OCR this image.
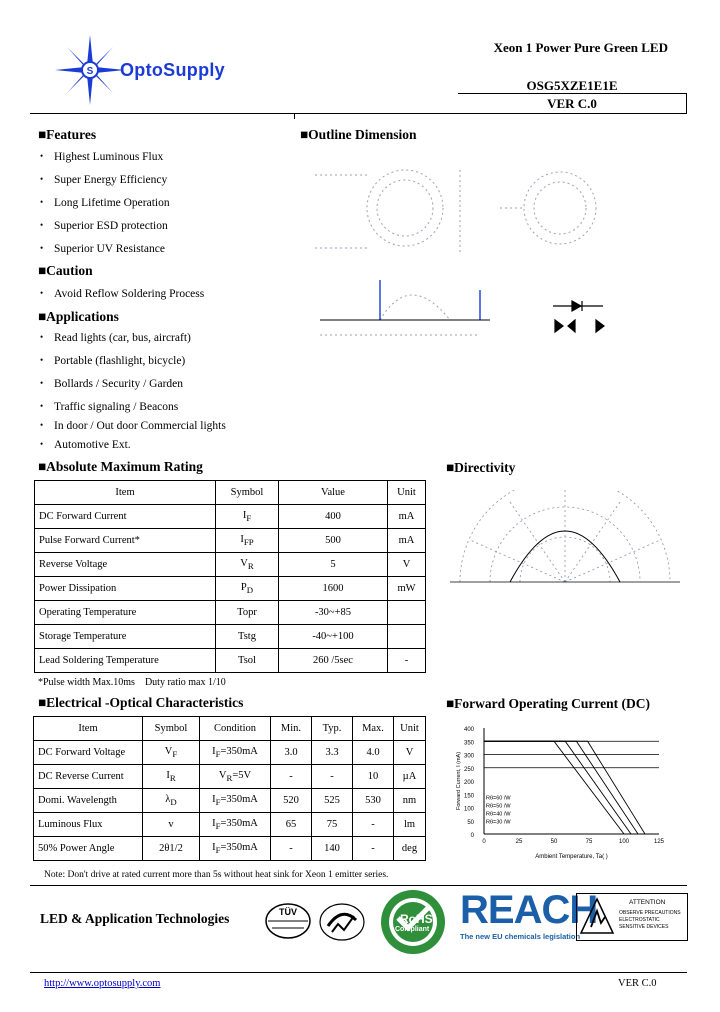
S OptoSupply
Xeon 1 Power Pure Green LED
OSG5XZE1E1E
VER C.0
■Features
• Highest Luminous Flux
• Super Energy Efficiency
• Long Lifetime Operation
• Superior ESD protection
• Superior UV Resistance
■Caution
• Avoid Reflow Soldering Process
■Applications
• Read lights (car, bus, aircraft)
• Portable (flashlight, bicycle)
• Bollards / Security / Garden
• Traffic signaling / Beacons
• In door / Out door Commercial lights
• Automotive Ext.
■Outline Dimension
■Absolute Maximum Rating
Item	Symbol	Value	Unit
DC Forward Current	$I_F$	400	mA
Pulse Forward Current*	$I_{FP}$	500	mA
Reverse Voltage	$V_R$	5	V
Power Dissipation	$P_D$	1600	mW
Operating Temperature	Topr	-30~+85	
Storage Temperature	Tstg	-40~+100	
Lead Soldering Temperature	Tsol	260 /5sec	-
*Pulse width Max.10ms    Duty ratio max 1/10
■Directivity
■Electrical -Optical Characteristics
Item	Symbol	Condition	Min.	Typ.	Max.	Unit
DC Forward Voltage	$V_F$	$I_F=350mA$	3.0	3.3	4.0	V
DC Reverse Current	$I_R$	$V_R=5V$	-	-	10	µA
Domi. Wavelength	$\lambda_D$	$I_F=350mA$	520	525	530	nm
Luminous Flux	v	$I_F=350mA$	65	75	-	lm
50% Power Angle	2θ1/2	$I_F=350mA$	-	140	-	deg
Note: Don't drive at rated current more than 5s without heat sink for Xeon 1 emitter series.
■Forward Operating Current (DC)
0
50
100
150
200
250
300
350
400
0	25	50	75	100	125
Rθ=60 /W
Rθ=50 /W
Rθ=40 /W
Rθ=30 /W
Forward Current, I (mA)
Ambient Temperature, Ta( )
LED & Application Technologies	TÜV	RoHS
Compliant REACH
The new EU chemicals legislation
ATTENTION
OBSERVE PRECAUTIONS
ELECTROSTATIC
SENSITIVE DEVICES
http://www.optosupply.com	VER C.0
